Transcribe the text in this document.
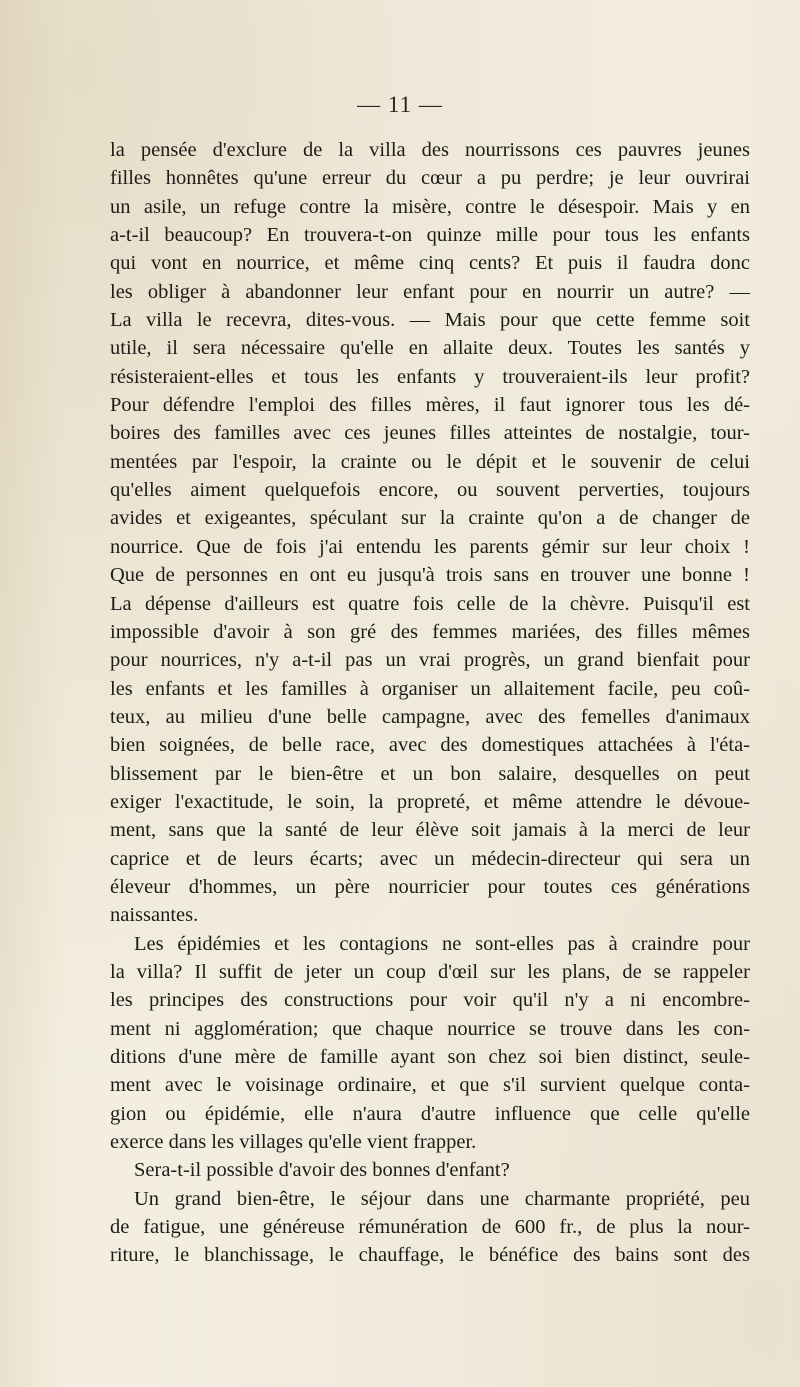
— 11 —

la pensée d'exclure de la villa des nourrissons ces pauvres jeunes
filles honnêtes qu'une erreur du cœur a pu perdre; je leur ouvrirai
un asile, un refuge contre la misère, contre le désespoir. Mais y en
a-t-il beaucoup? En trouvera-t-on quinze mille pour tous les enfants
qui vont en nourrice, et même cinq cents? Et puis il faudra donc
les obliger à abandonner leur enfant pour en nourrir un autre? —
La villa le recevra, dites-vous. — Mais pour que cette femme soit
utile, il sera nécessaire qu'elle en allaite deux. Toutes les santés y
résisteraient-elles et tous les enfants y trouveraient-ils leur profit?
Pour défendre l'emploi des filles mères, il faut ignorer tous les dé-
boires des familles avec ces jeunes filles atteintes de nostalgie, tour-
mentées par l'espoir, la crainte ou le dépit et le souvenir de celui
qu'elles aiment quelquefois encore, ou souvent perverties, toujours
avides et exigeantes, spéculant sur la crainte qu'on a de changer de
nourrice. Que de fois j'ai entendu les parents gémir sur leur choix !
Que de personnes en ont eu jusqu'à trois sans en trouver une bonne !
La dépense d'ailleurs est quatre fois celle de la chèvre. Puisqu'il est
impossible d'avoir à son gré des femmes mariées, des filles mêmes
pour nourrices, n'y a-t-il pas un vrai progrès, un grand bienfait pour
les enfants et les familles à organiser un allaitement facile, peu coû-
teux, au milieu d'une belle campagne, avec des femelles d'animaux
bien soignées, de belle race, avec des domestiques attachées à l'éta-
blissement par le bien-être et un bon salaire, desquelles on peut
exiger l'exactitude, le soin, la propreté, et même attendre le dévoue-
ment, sans que la santé de leur élève soit jamais à la merci de leur
caprice et de leurs écarts; avec un médecin-directeur qui sera un
éleveur d'hommes, un père nourricier pour toutes ces générations
naissantes.
Les épidémies et les contagions ne sont-elles pas à craindre pour
la villa? Il suffit de jeter un coup d'œil sur les plans, de se rappeler
les principes des constructions pour voir qu'il n'y a ni encombre-
ment ni agglomération; que chaque nourrice se trouve dans les con-
ditions d'une mère de famille ayant son chez soi bien distinct, seule-
ment avec le voisinage ordinaire, et que s'il survient quelque conta-
gion ou épidémie, elle n'aura d'autre influence que celle qu'elle
exerce dans les villages qu'elle vient frapper.
Sera-t-il possible d'avoir des bonnes d'enfant?
Un grand bien-être, le séjour dans une charmante propriété, peu
de fatigue, une généreuse rémunération de 600 fr., de plus la nour-
riture, le blanchissage, le chauffage, le bénéfice des bains sont des
